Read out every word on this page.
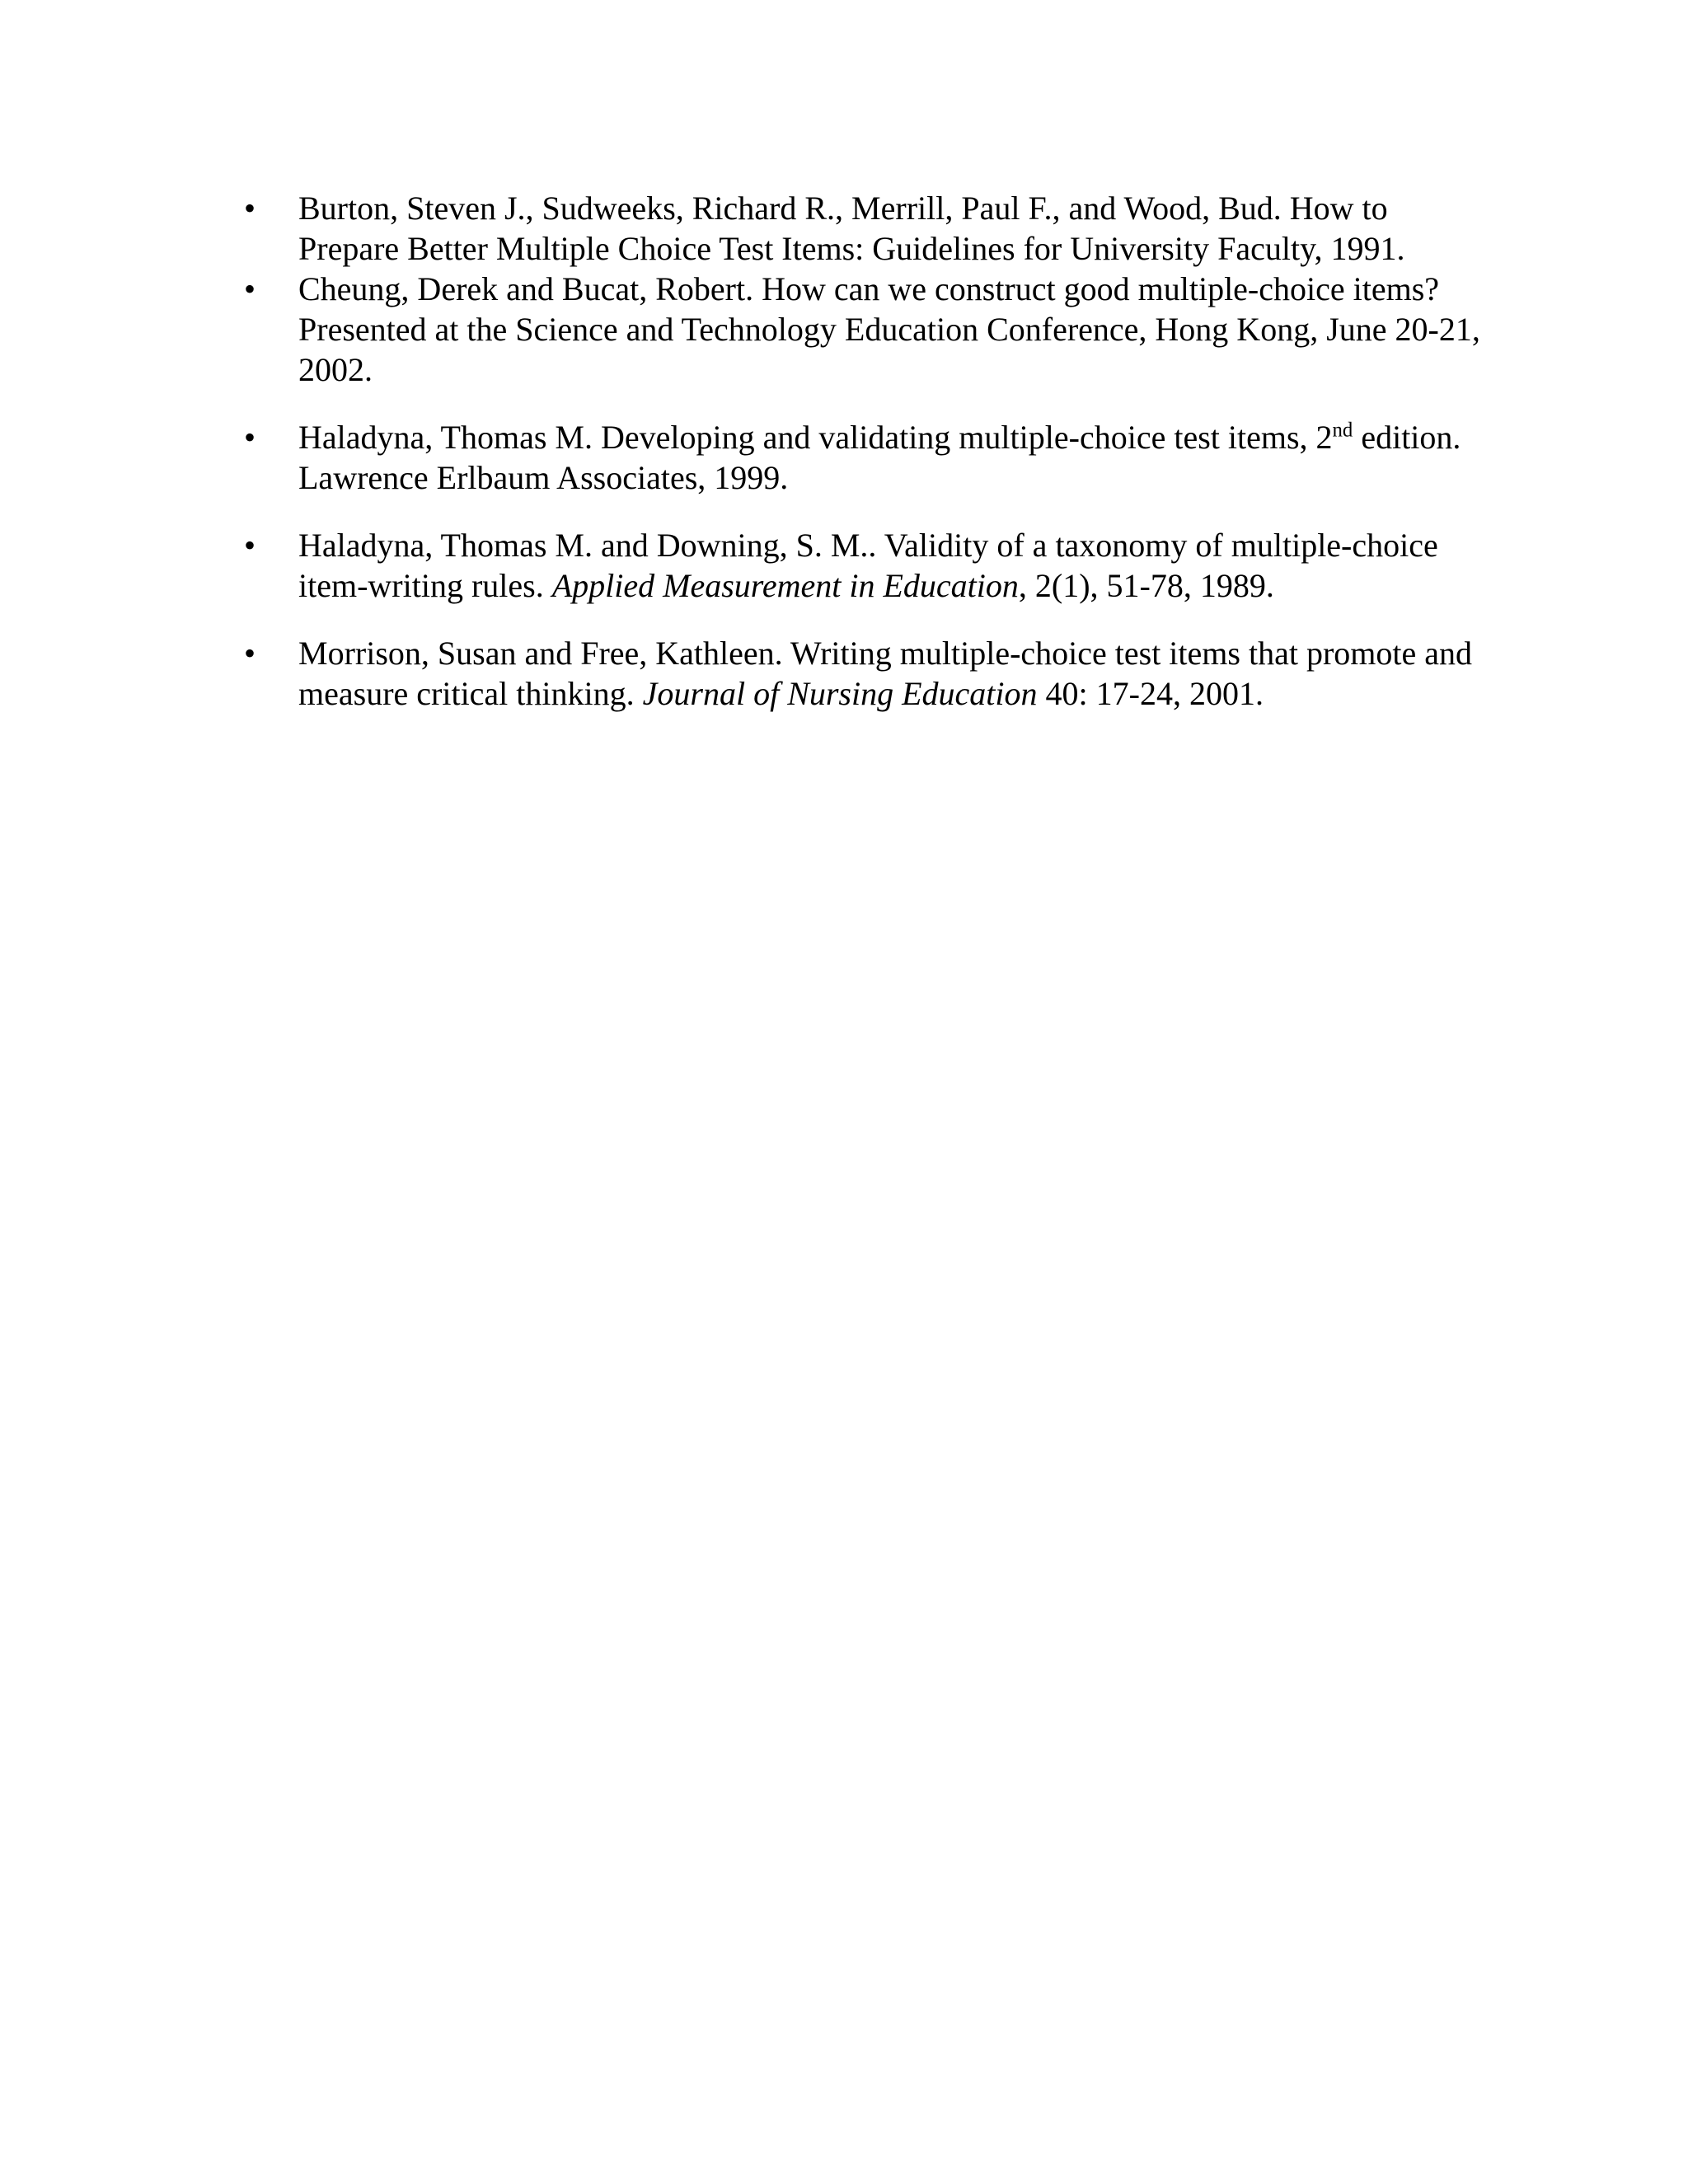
• Burton, Steven J., Sudweeks, Richard R., Merrill, Paul F., and Wood, Bud. How to Prepare Better Multiple Choice Test Items: Guidelines for University Faculty, 1991.
• Cheung, Derek and Bucat, Robert. How can we construct good multiple-choice items? Presented at the Science and Technology Education Conference, Hong Kong, June 20-21, 2002.
• Haladyna, Thomas M. Developing and validating multiple-choice test items, 2nd edition. Lawrence Erlbaum Associates, 1999.
• Haladyna, Thomas M. and Downing, S. M.. Validity of a taxonomy of multiple-choice item-writing rules. Applied Measurement in Education, 2(1), 51-78, 1989.
• Morrison, Susan and Free, Kathleen. Writing multiple-choice test items that promote and measure critical thinking. Journal of Nursing Education 40: 17-24, 2001.
